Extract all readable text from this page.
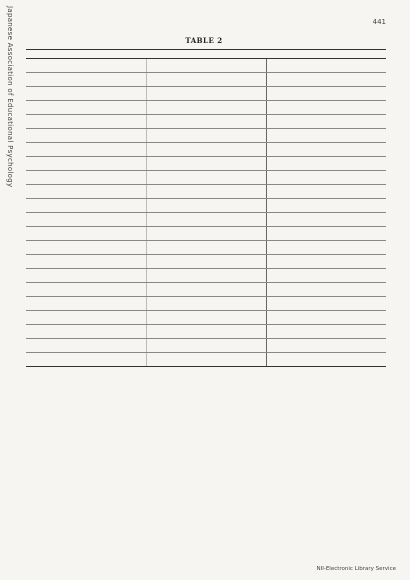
Japanese Association of Educational Psychology	441
TABLE 2

NII-Electronic Library Service
